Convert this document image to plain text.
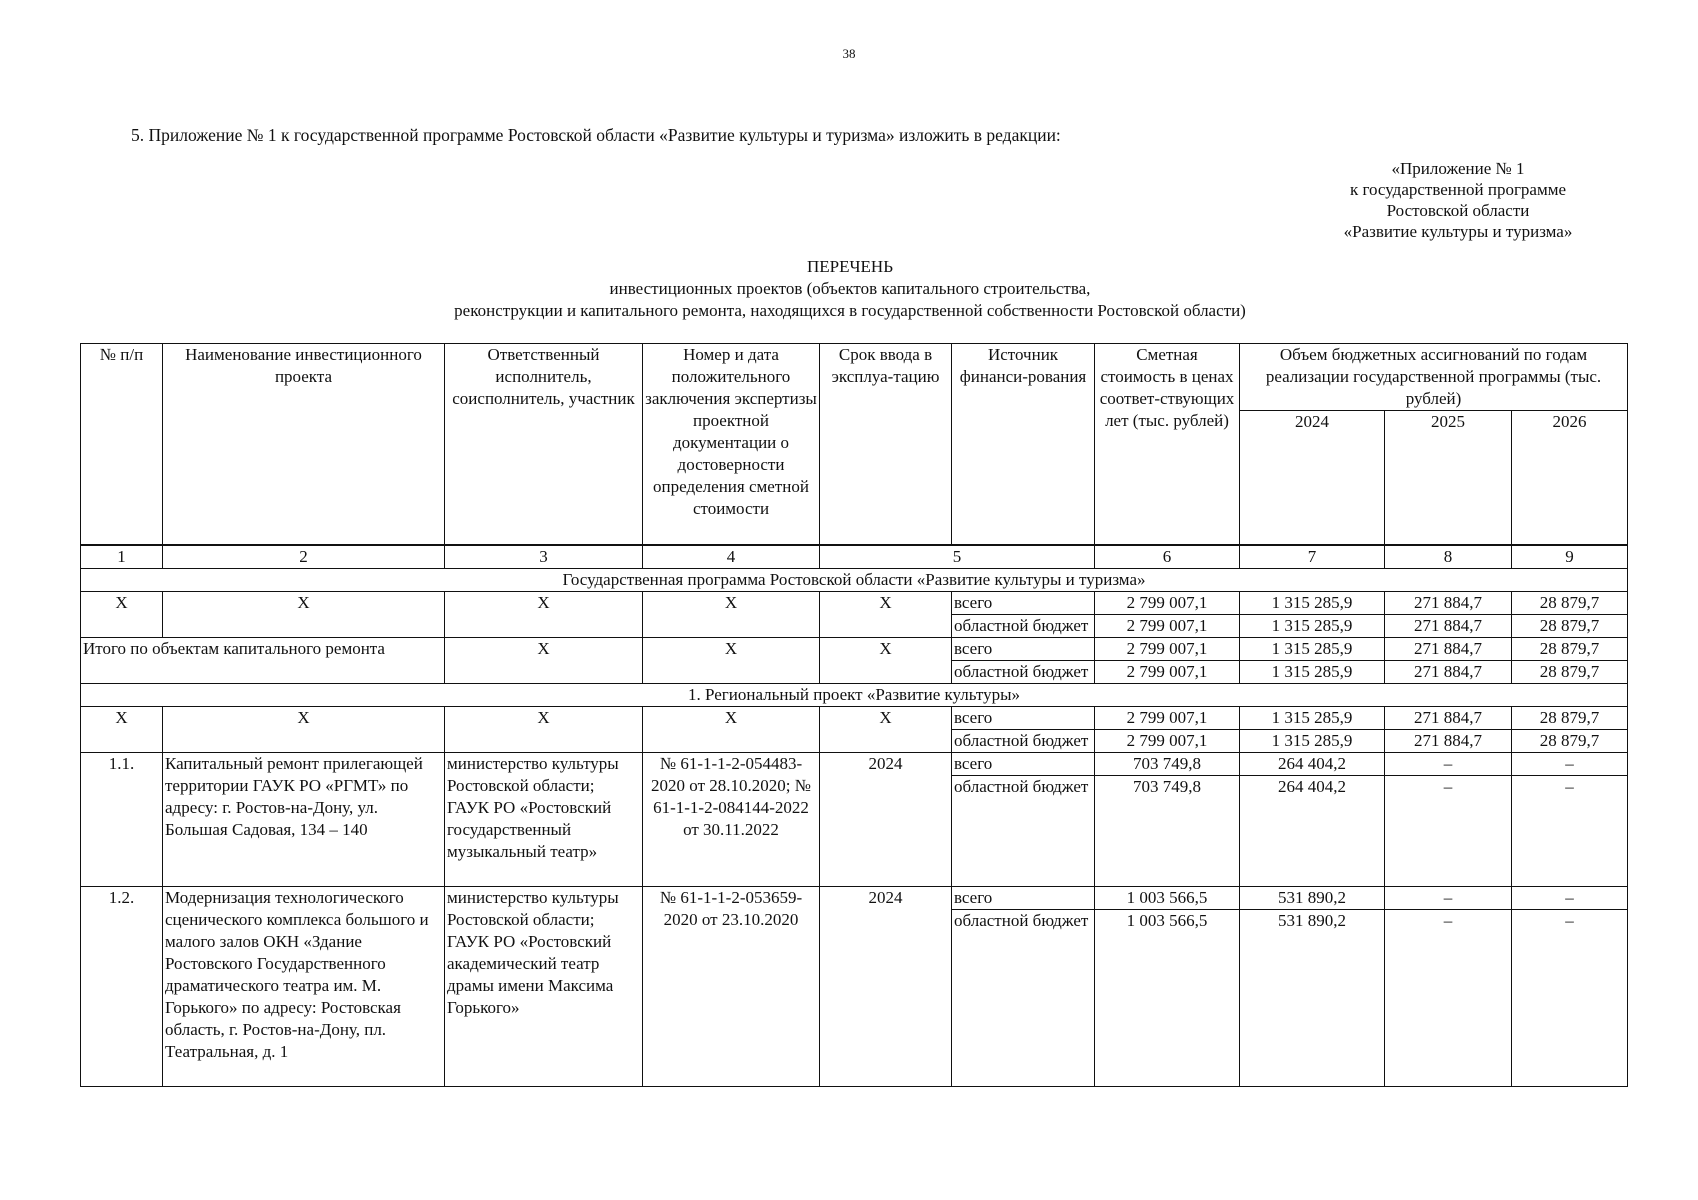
38
5. Приложение № 1 к государственной программе Ростовской области «Развитие культуры и туризма» изложить в редакции:
«Приложение № 1
к государственной программе
Ростовской области
«Развитие культуры и туризма»
ПЕРЕЧЕНЬ
инвестиционных проектов (объектов капитального строительства,
реконструкции и капитального ремонта, находящихся в государственной собственности Ростовской области)
№ п/п	Наименование инвестиционного проекта	Ответственный исполнитель, соисполнитель, участник	Номер и дата положительного заключения экспертизы проектной документации о достоверности определения сметной стоимости	Срок ввода в эксплуа-тацию	Источник финанси-рования	Сметная стоимость в ценах соответ-ствующих лет (тыс. рублей)	Объем бюджетных ассигнований по годам реализации государственной программы (тыс. рублей)		
							2024	2025	2026
1	2	3	4	5		6	7	8	9
Государственная программа Ростовской области «Развитие культуры и туризма»									
Х	Х	Х	Х	Х	всего	2 799 007,1	1 315 285,9	271 884,7	28 879,7
					областной бюджет	2 799 007,1	1 315 285,9	271 884,7	28 879,7
Итого по объектам капитального ремонта		Х	Х	Х	всего	2 799 007,1	1 315 285,9	271 884,7	28 879,7
					областной бюджет	2 799 007,1	1 315 285,9	271 884,7	28 879,7
1. Региональный проект «Развитие культуры»									
Х	Х	Х	Х	Х	всего	2 799 007,1	1 315 285,9	271 884,7	28 879,7
					областной бюджет	2 799 007,1	1 315 285,9	271 884,7	28 879,7
1.1.	Капитальный ремонт прилегающей территории ГАУК РО «РГМТ» по адресу: г. Ростов-на-Дону, ул. Большая Садовая, 134 – 140	министерство культуры Ростовской области; ГАУК РО «Ростовский государственный музыкальный театр»	№ 61-1-1-2-054483-2020 от 28.10.2020; № 61-1-1-2-084144-2022 от 30.11.2022	2024	всего	703 749,8	264 404,2	–	–
					областной бюджет	703 749,8	264 404,2	–	–
1.2.	Модернизация технологического сценического комплекса большого и малого залов ОКН «Здание Ростовского Государственного драматического театра им. М. Горького» по адресу: Ростовская область, г. Ростов-на-Дону, пл. Театральная, д. 1	министерство культуры Ростовской области; ГАУК РО «Ростовский академический театр драмы имени Максима Горького»	№ 61-1-1-2-053659-2020 от 23.10.2020	2024	всего	1 003 566,5	531 890,2	–	–
					областной бюджет	1 003 566,5	531 890,2	–	–
